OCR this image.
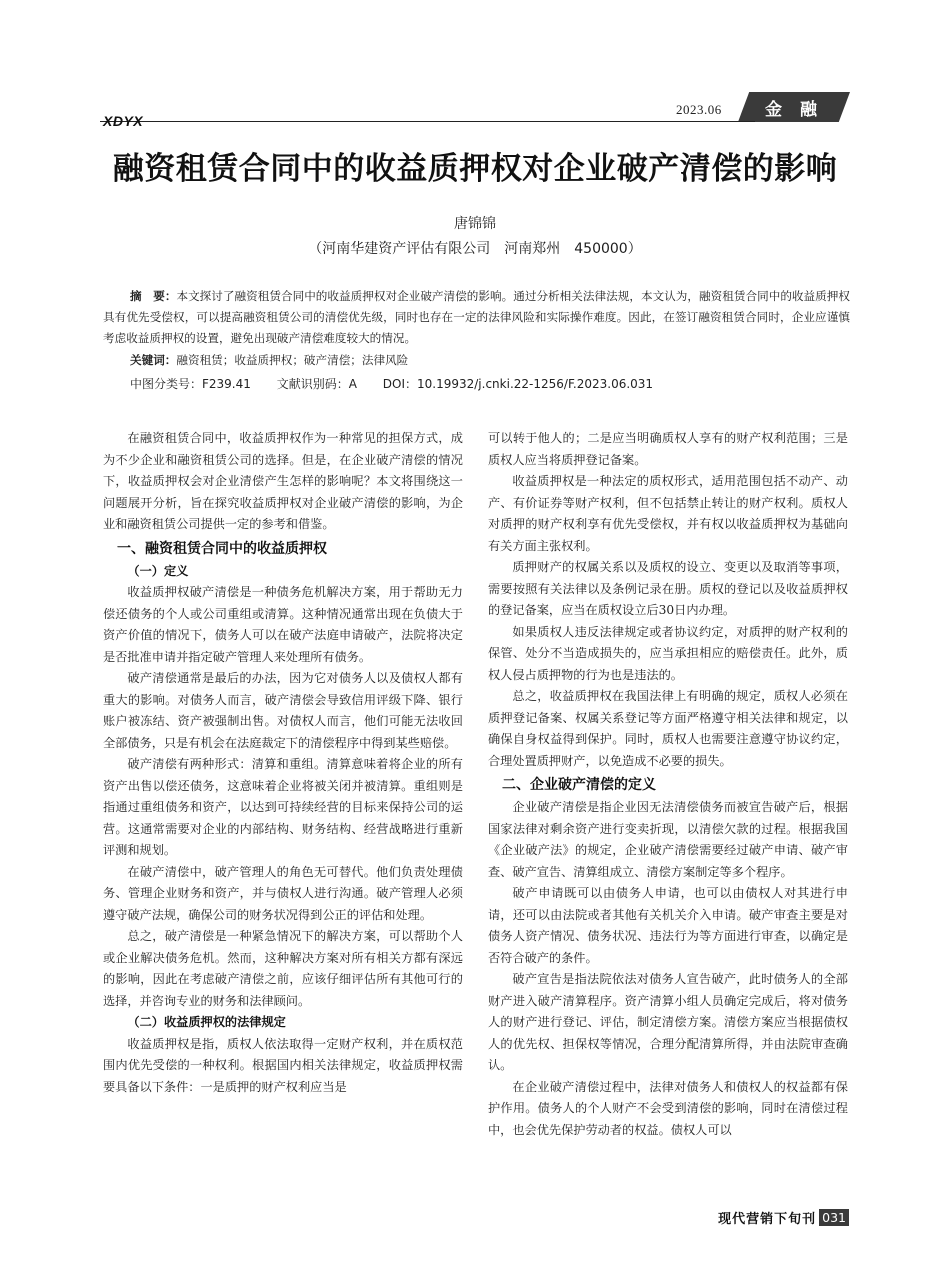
2023.06	金 融
XDYX
融资租赁合同中的收益质押权对企业破产清偿的影响
唐锦锦
（河南华建资产评估有限公司　河南郑州　450000）
摘　要：本文探讨了融资租赁合同中的收益质押权对企业破产清偿的影响。通过分析相关法律法规，本文认为，融资租赁合同中的收益质押权具有优先受偿权，可以提高融资租赁公司的清偿优先级，同时也存在一定的法律风险和实际操作难度。因此，在签订融资租赁合同时，企业应谨慎考虑收益质押权的设置，避免出现破产清偿难度较大的情况。
关键词：融资租赁；收益质押权；破产清偿；法律风险
中图分类号：F239.41 文献识别码：A DOI：10.19932/j.cnki.22-1256/F.2023.06.031

在融资租赁合同中，收益质押权作为一种常见的担保方式，成为不少企业和融资租赁公司的选择。但是，在企业破产清偿的情况下，收益质押权会对企业清偿产生怎样的影响呢？本文将围绕这一问题展开分析，旨在探究收益质押权对企业破产清偿的影响，为企业和融资租赁公司提供一定的参考和借鉴。

一、融资租赁合同中的收益质押权
（一）定义

收益质押权破产清偿是一种债务危机解决方案，用于帮助无力偿还债务的个人或公司重组或清算。这种情况通常出现在负债大于资产价值的情况下，债务人可以在破产法庭申请破产，法院将决定是否批准申请并指定破产管理人来处理所有债务。

破产清偿通常是最后的办法，因为它对债务人以及债权人都有重大的影响。对债务人而言，破产清偿会导致信用评级下降、银行账户被冻结、资产被强制出售。对债权人而言，他们可能无法收回全部债务，只是有机会在法庭裁定下的清偿程序中得到某些赔偿。

破产清偿有两种形式：清算和重组。清算意味着将企业的所有资产出售以偿还债务，这意味着企业将被关闭并被清算。重组则是指通过重组债务和资产，以达到可持续经营的目标来保持公司的运营。这通常需要对企业的内部结构、财务结构、经营战略进行重新评测和规划。

在破产清偿中，破产管理人的角色无可替代。他们负责处理债务、管理企业财务和资产，并与债权人进行沟通。破产管理人必须遵守破产法规，确保公司的财务状况得到公正的评估和处理。

总之，破产清偿是一种紧急情况下的解决方案，可以帮助个人或企业解决债务危机。然而，这种解决方案对所有相关方都有深远的影响，因此在考虑破产清偿之前，应该仔细评估所有其他可行的选择，并咨询专业的财务和法律顾问。

（二）收益质押权的法律规定

收益质押权是指，质权人依法取得一定财产权利，并在质权范围内优先受偿的一种权利。根据国内相关法律规定，收益质押权需要具备以下条件：一是质押的财产权利应当是

可以转于他人的；二是应当明确质权人享有的财产权利范围；三是质权人应当将质押登记备案。

收益质押权是一种法定的质权形式，适用范围包括不动产、动产、有价证券等财产权利，但不包括禁止转让的财产权利。质权人对质押的财产权利享有优先受偿权，并有权以收益质押权为基础向有关方面主张权利。

质押财产的权属关系以及质权的设立、变更以及取消等事项，需要按照有关法律以及条例记录在册。质权的登记以及收益质押权的登记备案，应当在质权设立后30日内办理。

如果质权人违反法律规定或者协议约定，对质押的财产权利的保管、处分不当造成损失的，应当承担相应的赔偿责任。此外，质权人侵占质押物的行为也是违法的。

总之，收益质押权在我国法律上有明确的规定，质权人必须在质押登记备案、权属关系登记等方面严格遵守相关法律和规定，以确保自身权益得到保护。同时，质权人也需要注意遵守协议约定，合理处置质押财产，以免造成不必要的损失。

二、企业破产清偿的定义

企业破产清偿是指企业因无法清偿债务而被宣告破产后，根据国家法律对剩余资产进行变卖折现，以清偿欠款的过程。根据我国《企业破产法》的规定，企业破产清偿需要经过破产申请、破产审查、破产宣告、清算组成立、清偿方案制定等多个程序。

破产申请既可以由债务人申请，也可以由债权人对其进行申请，还可以由法院或者其他有关机关介入申请。破产审查主要是对债务人资产情况、债务状况、违法行为等方面进行审查，以确定是否符合破产的条件。

破产宣告是指法院依法对债务人宣告破产，此时债务人的全部财产进入破产清算程序。资产清算小组人员确定完成后，将对债务人的财产进行登记、评估，制定清偿方案。清偿方案应当根据债权人的优先权、担保权等情况，合理分配清算所得，并由法院审查确认。

在企业破产清偿过程中，法律对债务人和债权人的权益都有保护作用。债务人的个人财产不会受到清偿的影响，同时在清偿过程中，也会优先保护劳动者的权益。债权人可以

现代营销下旬刊 031
